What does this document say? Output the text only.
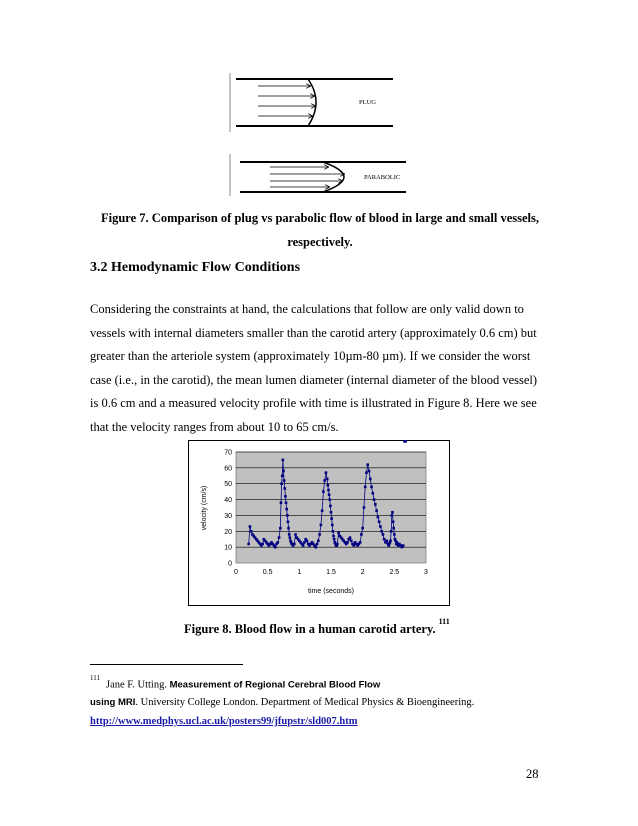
PLUG
PARABOLIC
Figure 7. Comparison of plug vs parabolic flow of blood in large and small vessels,
respectively.
3.2 Hemodynamic Flow Conditions
Considering the constraints at hand, the calculations that follow are only valid down to
vessels with internal diameters smaller than the carotid artery (approximately 0.6 cm) but
greater than the arteriole system (approximately 10µm-80 µm). If we consider the worst
case (i.e., in the carotid), the mean lumen diameter (internal diameter of the blood vessel)
is 0.6 cm and a measured velocity profile with time is illustrated in Figure 8. Here we see
that the velocity ranges from about 10 to 65 cm/s.
0
10
20
30
40
50
60
70
0	0.5	1	1.5	2	2.5	3
time (seconds)
velocity (cm/s)
Figure 8. Blood flow in a human carotid artery.$^{111}$
$^{111}$Jane F. Utting. Measurement of Regional Cerebral Blood Flow
using MRI. University College London. Department of Medical Physics & Bioengineering.
http://www.medphys.ucl.ac.uk/posters99/jfupstr/sld007.htm
28
